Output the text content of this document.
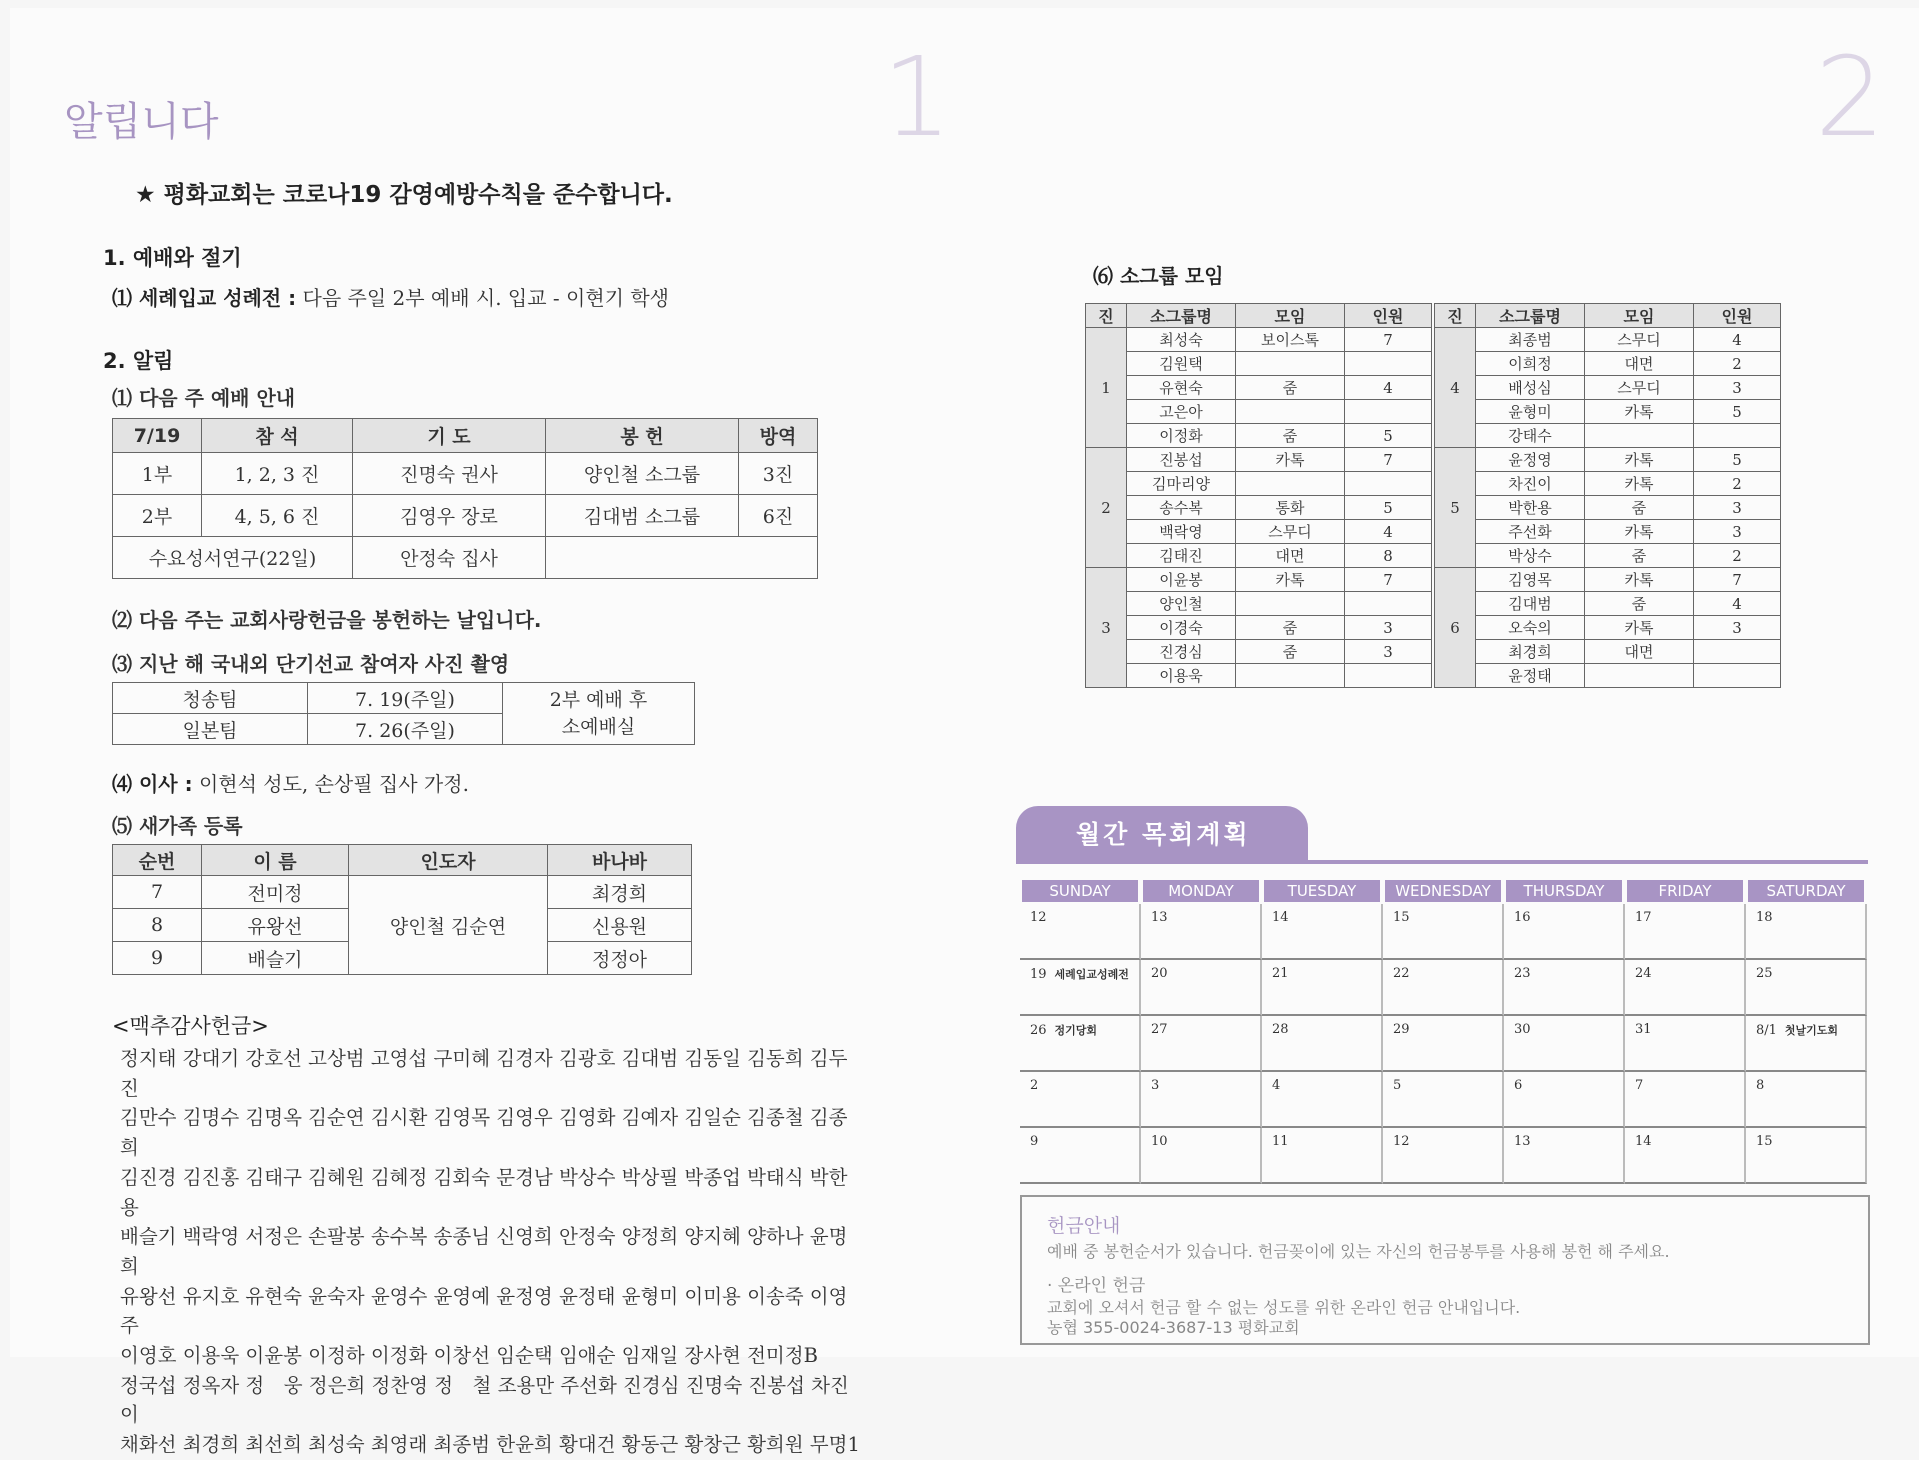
알립니다	1	2
★ 평화교회는 코로나19 감영예방수칙을 준수합니다.
1. 예배와 절기
⑴ 세례입교 성례전 : 다음 주일 2부 예배 시. 입교 - 이현기 학생
2. 알림
⑴ 다음 주 예배 안내
7/19	참 석	기 도	봉 헌	방역
1부	1, 2, 3 진	진명숙 권사	양인철 소그룹	3진
2부	4, 5, 6 진	김영우 장로	김대범 소그룹	6진
수요성서연구(22일)		안정숙 집사		
⑵ 다음 주는 교회사랑헌금을 봉헌하는 날입니다.
⑶ 지난 해 국내외 단기선교 참여자 사진 촬영
청송팀	7. 19(주일)	2부 예배 후
소예배실

일본팀	7. 26(주일)	
⑷ 이사 : 이현석 성도, 손상필 집사 가정.
⑸ 새가족 등록
순번	이 름	인도자	바나바
7	전미정	양인철 김순연	최경희
8	유왕선		신용원
9	배슬기		정정아
<맥추감사헌금>
정지태 강대기 강호선 고상범 고영섭 구미혜 김경자 김광호 김대범 김동일 김동희 김두진
김만수 김명수 김명옥 김순연 김시환 김영목 김영우 김영화 김예자 김일순 김종철 김종희
김진경 김진홍 김태구 김혜원 김혜정 김회숙 문경남 박상수 박상필 박종업 박태식 박한용
배슬기 백락영 서정은 손팔봉 송수복 송종님 신영희 안정숙 양정희 양지혜 양하나 윤명희
유왕선 유지호 유현숙 윤숙자 윤영수 윤영예 윤정영 윤정태 윤형미 이미용 이송죽 이영주
이영호 이용욱 이윤봉 이정하 이정화 이창선 임순택 임애순 임재일 장사현 전미정B
정국섭 정옥자 정　웅 정은희 정찬영 정　철 조용만 주선화 진경심 진명숙 진봉섭 차진이
채화선 최경희 최선희 최성숙 최영래 최종범 한윤희 황대건 황동근 황창근 황희원 무명1
⑹ 소그룹 모임
진	소그룹명	모임	인원
1	최성숙	보이스톡	7
	김원택		
	유현숙	줌	4
	고은아		
	이정화	줌	5
2	진봉섭	카톡	7
	김마리양		
	송수복	통화	5
	백락영	스무디	4
	김태진	대면	8
3	이윤봉	카톡	7
	양인철		
	이경숙	줌	3
	진경심	줌	3
	이용욱		
진	소그룹명	모임	인원
4	최종범	스무디	4
	이희정	대면	2
	배성심	스무디	3
	윤형미	카톡	5
	강태수		
5	윤정영	카톡	5
	차진이	카톡	2
	박한용	줌	3
	주선화	카톡	3
	박상수	줌	2
6	김영목	카톡	7
	김대범	줌	4
	오숙의	카톡	3
	최경희	대면	
	윤정태		
월간 목회계획
SUNDAY	MONDAY	TUESDAY	WEDNESDAY	THURSDAY	FRIDAY	SATURDAY
12	13	14	15	16	17	18
19 세례입교성례전	20	21	22	23	24	25
26 정기당회	27	28	29	30	31	8/1 첫날기도회
2	3	4	5	6	7	8
9	10	11	12	13	14	15
헌금안내
예배 중 봉헌순서가 있습니다. 헌금꽂이에 있는 자신의 헌금봉투를 사용해 봉헌 해 주세요.
· 온라인 헌금
교회에 오셔서 헌금 할 수 없는 성도를 위한 온라인 헌금 안내입니다.
농협 355-0024-3687-13 평화교회
